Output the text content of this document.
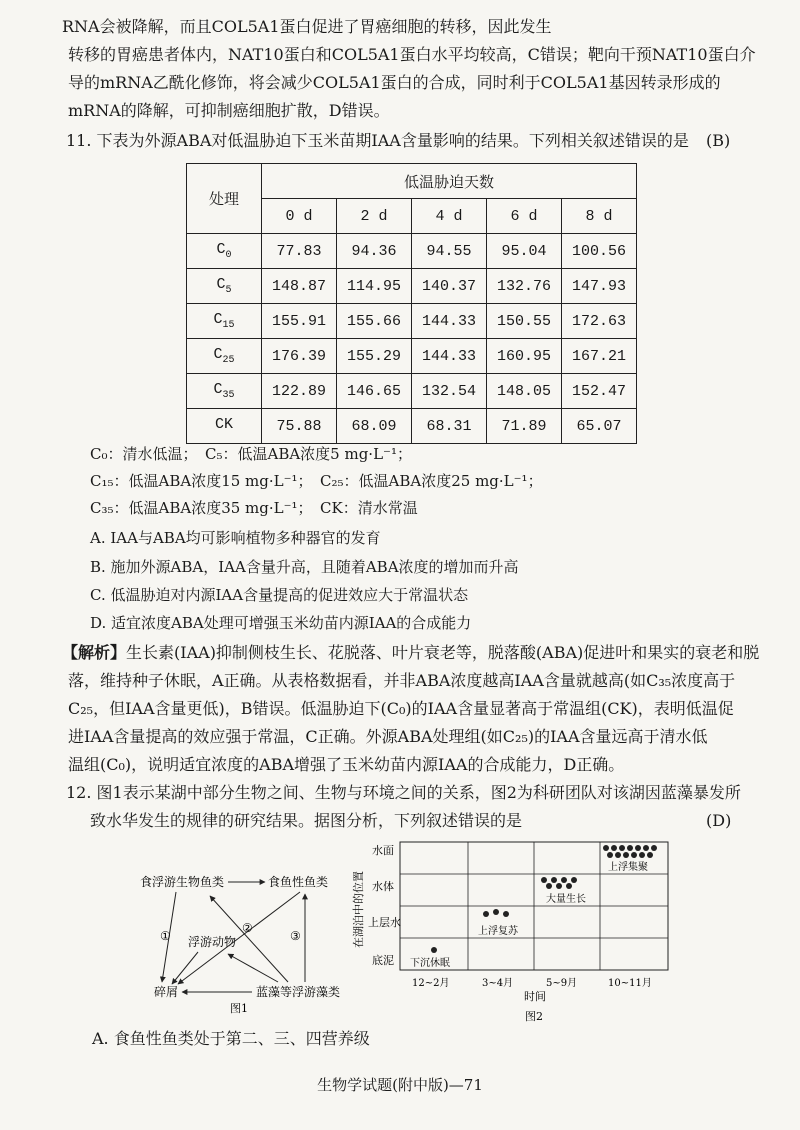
RNA会被降解，而且COL5A1蛋白促进了胃癌细胞的转移，因此发生
转移的胃癌患者体内，NAT10蛋白和COL5A1蛋白水平均较高，C错误；靶向干预NAT10蛋白介
导的mRNA乙酰化修饰，将会减少COL5A1蛋白的合成，同时利于COL5A1基因转录形成的
mRNA的降解，可抑制癌细胞扩散，D错误。
11. 下表为外源ABA对低温胁迫下玉米苗期IAA含量影响的结果。下列相关叙述错误的是 (B)
处理	低温胁迫天数				
	0 d	2 d	4 d	6 d	8 d
$C_0$	77.83	94.36	94.55	95.04	100.56
$C_5$	148.87	114.95	140.37	132.76	147.93
$C_{15}$	155.91	155.66	144.33	150.55	172.63
$C_{25}$	176.39	155.29	144.33	160.95	167.21
$C_{35}$	122.89	146.65	132.54	148.05	152.47
CK	75.88	68.09	68.31	71.89	65.07
C₀：清水低温；　C₅：低温ABA浓度5 mg·L⁻¹；
C₁₅：低温ABA浓度15 mg·L⁻¹；　C₂₅：低温ABA浓度25 mg·L⁻¹；
C₃₅：低温ABA浓度35 mg·L⁻¹；　CK：清水常温
A. IAA与ABA均可影响植物多种器官的发育
B. 施加外源ABA，IAA含量升高，且随着ABA浓度的增加而升高
C. 低温胁迫对内源IAA含量提高的促进效应大于常温状态
D. 适宜浓度ABA处理可增强玉米幼苗内源IAA的合成能力
【解析】生长素(IAA)抑制侧枝生长、花脱落、叶片衰老等，脱落酸(ABA)促进叶和果实的衰老和脱
落，维持种子休眠，A正确。从表格数据看，并非ABA浓度越高IAA含量就越高(如C₃₅浓度高于
C₂₅，但IAA含量更低)，B错误。低温胁迫下(C₀)的IAA含量显著高于常温组(CK)，表明低温促
进IAA含量提高的效应强于常温，C正确。外源ABA处理组(如C₂₅)的IAA含量远高于清水低
温组(C₀)，说明适宜浓度的ABA增强了玉米幼苗内源IAA的合成能力，D正确。
12. 图1表示某湖中部分生物之间、生物与环境之间的关系，图2为科研团队对该湖因蓝藻暴发所
致水华发生的规律的研究结果。据图分析，下列叙述错误的是	(D)
食浮游生物鱼类	食鱼性鱼类
浮游动物
碎屑	蓝藻等浮游藻类
①
②
③
图1
水面
水体
上层水
底泥
在湖泊中的位置
12~2月	3~4月	5~9月	10~11月
时间
下沉休眠
上浮复苏
大量生长
上浮集聚
图2
A. 食鱼性鱼类处于第二、三、四营养级
生物学试题(附中版)—71
